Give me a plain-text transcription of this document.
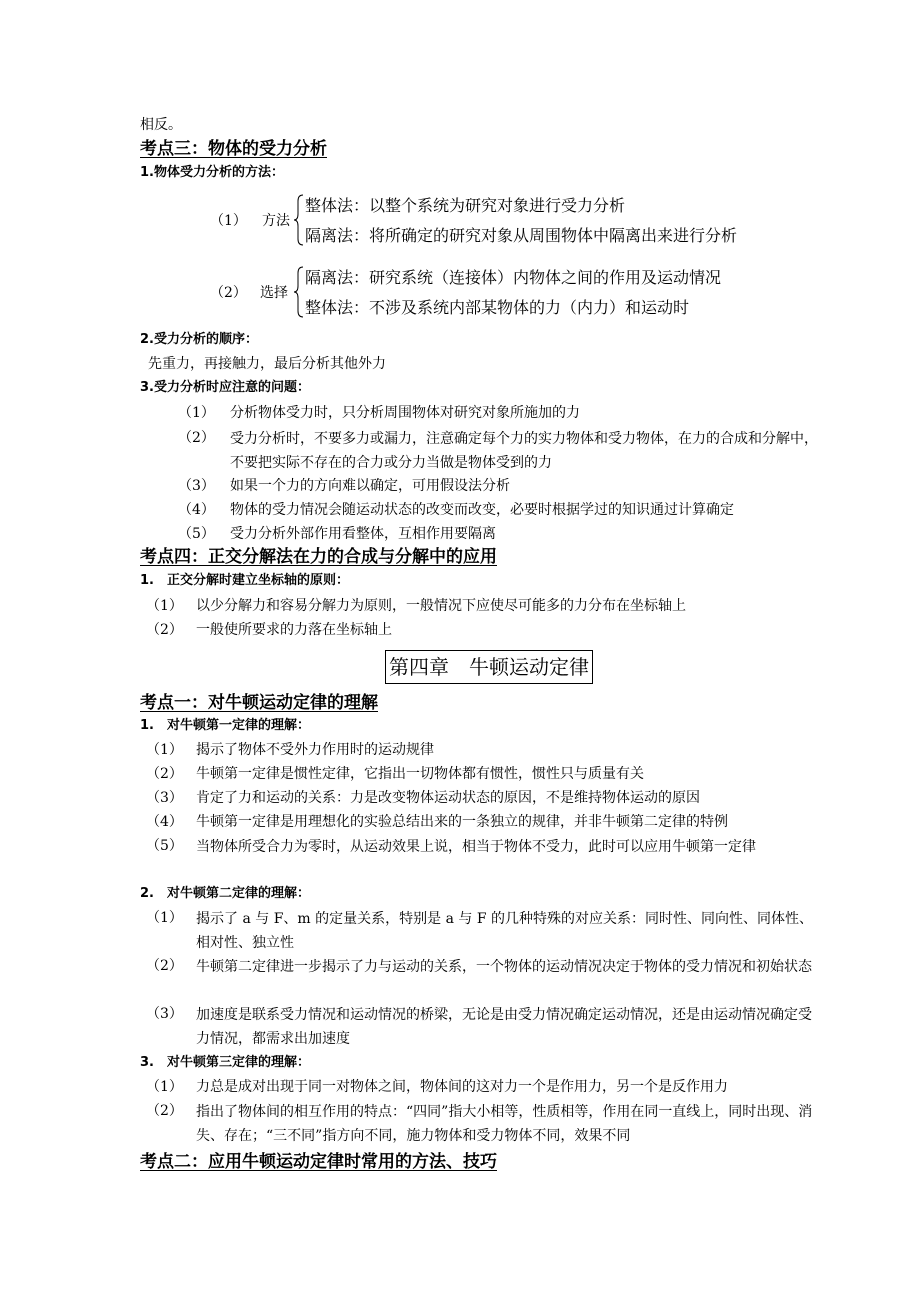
相反。
考点三：物体的受力分析
1.物体受力分析的方法：
（1） 方法
整体法：以整个系统为研究对象进行受力分析
隔离法：将所确定的研究对象从周围物体中隔离出来进行分析
（2） 选择
隔离法：研究系统（连接体）内物体之间的作用及运动情况
整体法：不涉及系统内部某物体的力（内力）和运动时
2.受力分析的顺序：
先重力，再接触力，最后分析其他外力
3.受力分析时应注意的问题：
（1） 分析物体受力时，只分析周围物体对研究对象所施加的力
（2） 受力分析时，不要多力或漏力，注意确定每个力的实力物体和受力物体，在力的合成和分解中，不要把实际不存在的合力或分力当做是物体受到的力
（3） 如果一个力的方向难以确定，可用假设法分析
（4） 物体的受力情况会随运动状态的改变而改变，必要时根据学过的知识通过计算确定
（5） 受力分析外部作用看整体，互相作用要隔离
考点四：正交分解法在力的合成与分解中的应用
1.　正交分解时建立坐标轴的原则：
（1） 以少分解力和容易分解力为原则，一般情况下应使尽可能多的力分布在坐标轴上
（2） 一般使所要求的力落在坐标轴上
第四章　牛顿运动定律
考点一：对牛顿运动定律的理解
1.　对牛顿第一定律的理解：
（1） 揭示了物体不受外力作用时的运动规律
（2） 牛顿第一定律是惯性定律，它指出一切物体都有惯性，惯性只与质量有关
（3） 肯定了力和运动的关系：力是改变物体运动状态的原因，不是维持物体运动的原因
（4） 牛顿第一定律是用理想化的实验总结出来的一条独立的规律，并非牛顿第二定律的特例
（5） 当物体所受合力为零时，从运动效果上说，相当于物体不受力，此时可以应用牛顿第一定律
2.　对牛顿第二定律的理解：
（1） 揭示了 a 与 F、m 的定量关系，特别是 a 与 F 的几种特殊的对应关系：同时性、同向性、同体性、相对性、独立性
（2） 牛顿第二定律进一步揭示了力与运动的关系，一个物体的运动情况决定于物体的受力情况和初始状态
（3） 加速度是联系受力情况和运动情况的桥梁，无论是由受力情况确定运动情况，还是由运动情况确定受力情况，都需求出加速度
3.　对牛顿第三定律的理解：
（1） 力总是成对出现于同一对物体之间，物体间的这对力一个是作用力，另一个是反作用力
（2） 指出了物体间的相互作用的特点：“四同”指大小相等，性质相等，作用在同一直线上，同时出现、消失、存在；“三不同”指方向不同，施力物体和受力物体不同，效果不同
考点二：应用牛顿运动定律时常用的方法、技巧
